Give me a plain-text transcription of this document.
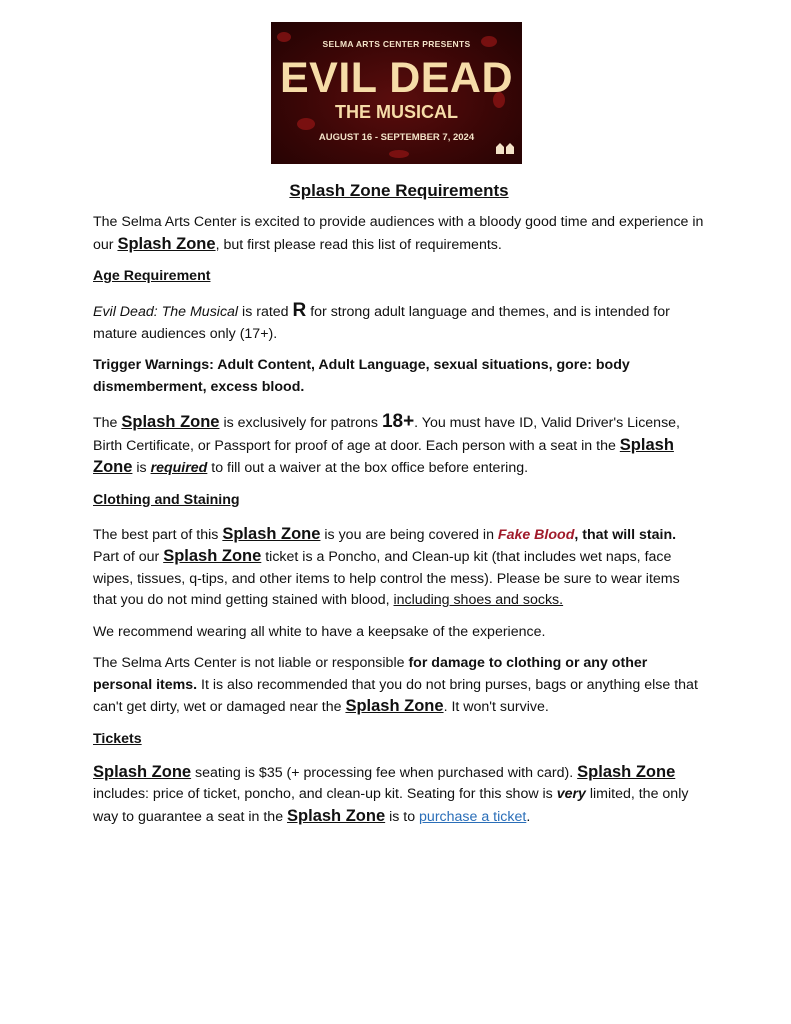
SELMA ARTS CENTER PRESENTS
EVIL DEAD
THE MUSICAL
AUGUST 16 - SEPTEMBER 7, 2024
Splash Zone Requirements

The Selma Arts Center is excited to provide audiences with a bloody good time and experience in our Splash Zone, but first please read this list of requirements.

Age Requirement

Evil Dead: The Musical is rated R for strong adult language and themes, and is intended for mature audiences only (17+).

Trigger Warnings: Adult Content, Adult Language, sexual situations, gore: body dismemberment, excess blood.

The Splash Zone is exclusively for patrons 18+. You must have ID, Valid Driver's License, Birth Certificate, or Passport for proof of age at door. Each person with a seat in the Splash Zone is required to fill out a waiver at the box office before entering.

Clothing and Staining

The best part of this Splash Zone is you are being covered in Fake Blood, that will stain. Part of our Splash Zone ticket is a Poncho, and Clean-up kit (that includes wet naps, face wipes, tissues, q-tips, and other items to help control the mess). Please be sure to wear items that you do not mind getting stained with blood, including shoes and socks.

We recommend wearing all white to have a keepsake of the experience.

The Selma Arts Center is not liable or responsible for damage to clothing or any other personal items. It is also recommended that you do not bring purses, bags or anything else that can't get dirty, wet or damaged near the Splash Zone. It won't survive.

Tickets

Splash Zone seating is $35 (+ processing fee when purchased with card). Splash Zone includes: price of ticket, poncho, and clean-up kit. Seating for this show is very limited, the only way to guarantee a seat in the Splash Zone is to purchase a ticket.
